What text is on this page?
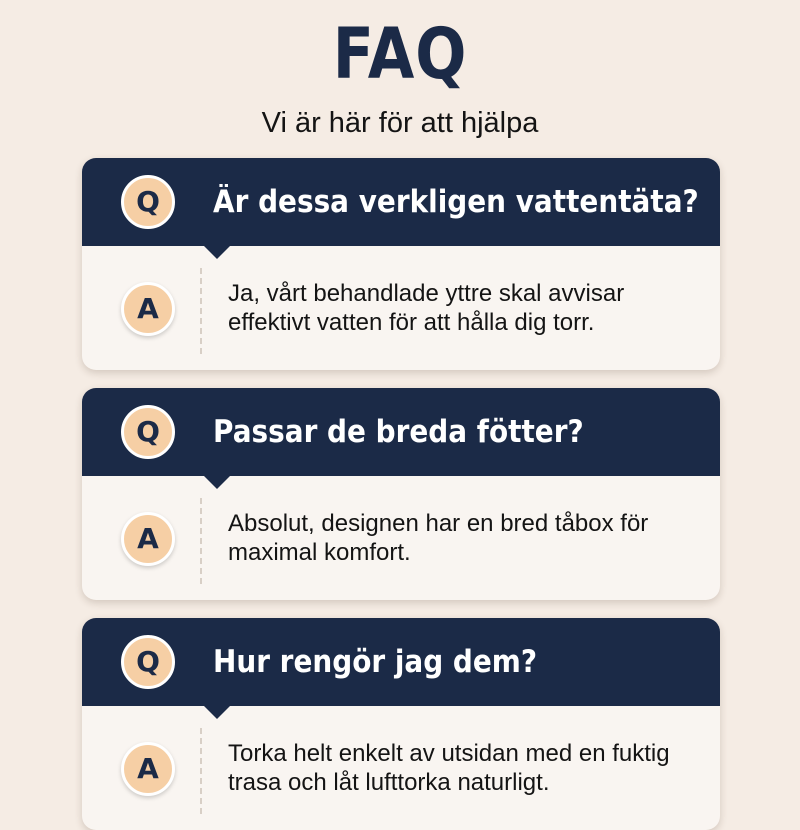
FAQ
Vi är här för att hjälpa
Q	Är dessa verkligen vattentäta?
A	Ja, vårt behandlade yttre skal avvisar effektivt vatten för att hålla dig torr.
Q	Passar de breda fötter?
A	Absolut, designen har en bred tåbox för maximal komfort.
Q	Hur rengör jag dem?
A	Torka helt enkelt av utsidan med en fuktig trasa och låt lufttorka naturligt.
